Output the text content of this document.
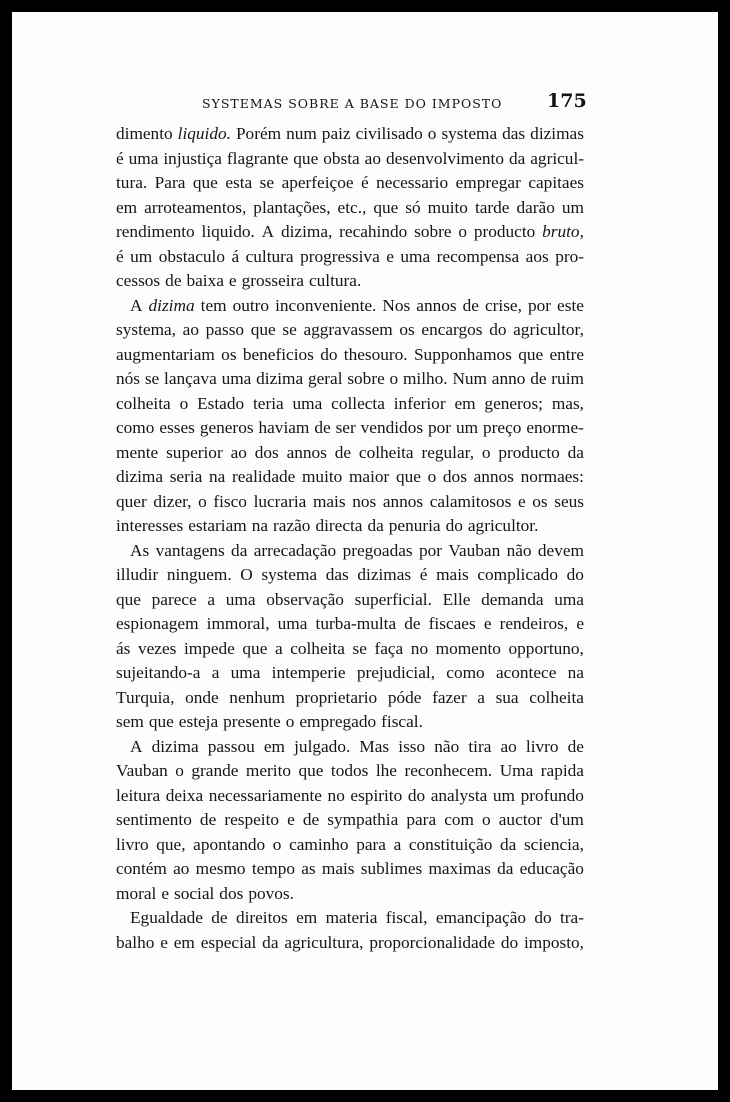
SYSTEMAS SOBRE A BASE DO IMPOSTO 175
dimento liquido. Porém num paiz civilisado o systema das dizimas
é uma injustiça flagrante que obsta ao desenvolvimento da agricul-
tura. Para que esta se aperfeiçoe é necessario empregar capitaes
em arroteamentos, plantações, etc., que só muito tarde darão um
rendimento liquido. A dizima, recahindo sobre o producto bruto,
é um obstaculo á cultura progressiva e uma recompensa aos pro-
cessos de baixa e grosseira cultura.
A dizima tem outro inconveniente. Nos annos de crise, por este
systema, ao passo que se aggravassem os encargos do agricultor,
augmentariam os beneficios do thesouro. Supponhamos que entre
nós se lançava uma dizima geral sobre o milho. Num anno de ruim
colheita o Estado teria uma collecta inferior em generos; mas,
como esses generos haviam de ser vendidos por um preço enorme-
mente superior ao dos annos de colheita regular, o producto da
dizima seria na realidade muito maior que o dos annos normaes:
quer dizer, o fisco lucraria mais nos annos calamitosos e os seus
interesses estariam na razão directa da penuria do agricultor.
As vantagens da arrecadação pregoadas por Vauban não devem
illudir ninguem. O systema das dizimas é mais complicado do
que parece a uma observação superficial. Elle demanda uma
espionagem immoral, uma turba-multa de fiscaes e rendeiros, e
ás vezes impede que a colheita se faça no momento opportuno,
sujeitando-a a uma intemperie prejudicial, como acontece na
Turquia, onde nenhum proprietario póde fazer a sua colheita
sem que esteja presente o empregado fiscal.
A dizima passou em julgado. Mas isso não tira ao livro de
Vauban o grande merito que todos lhe reconhecem. Uma rapida
leitura deixa necessariamente no espirito do analysta um profundo
sentimento de respeito e de sympathia para com o auctor d'um
livro que, apontando o caminho para a constituição da sciencia,
contém ao mesmo tempo as mais sublimes maximas da educação
moral e social dos povos.
Egualdade de direitos em materia fiscal, emancipação do tra-
balho e em especial da agricultura, proporcionalidade do imposto,
